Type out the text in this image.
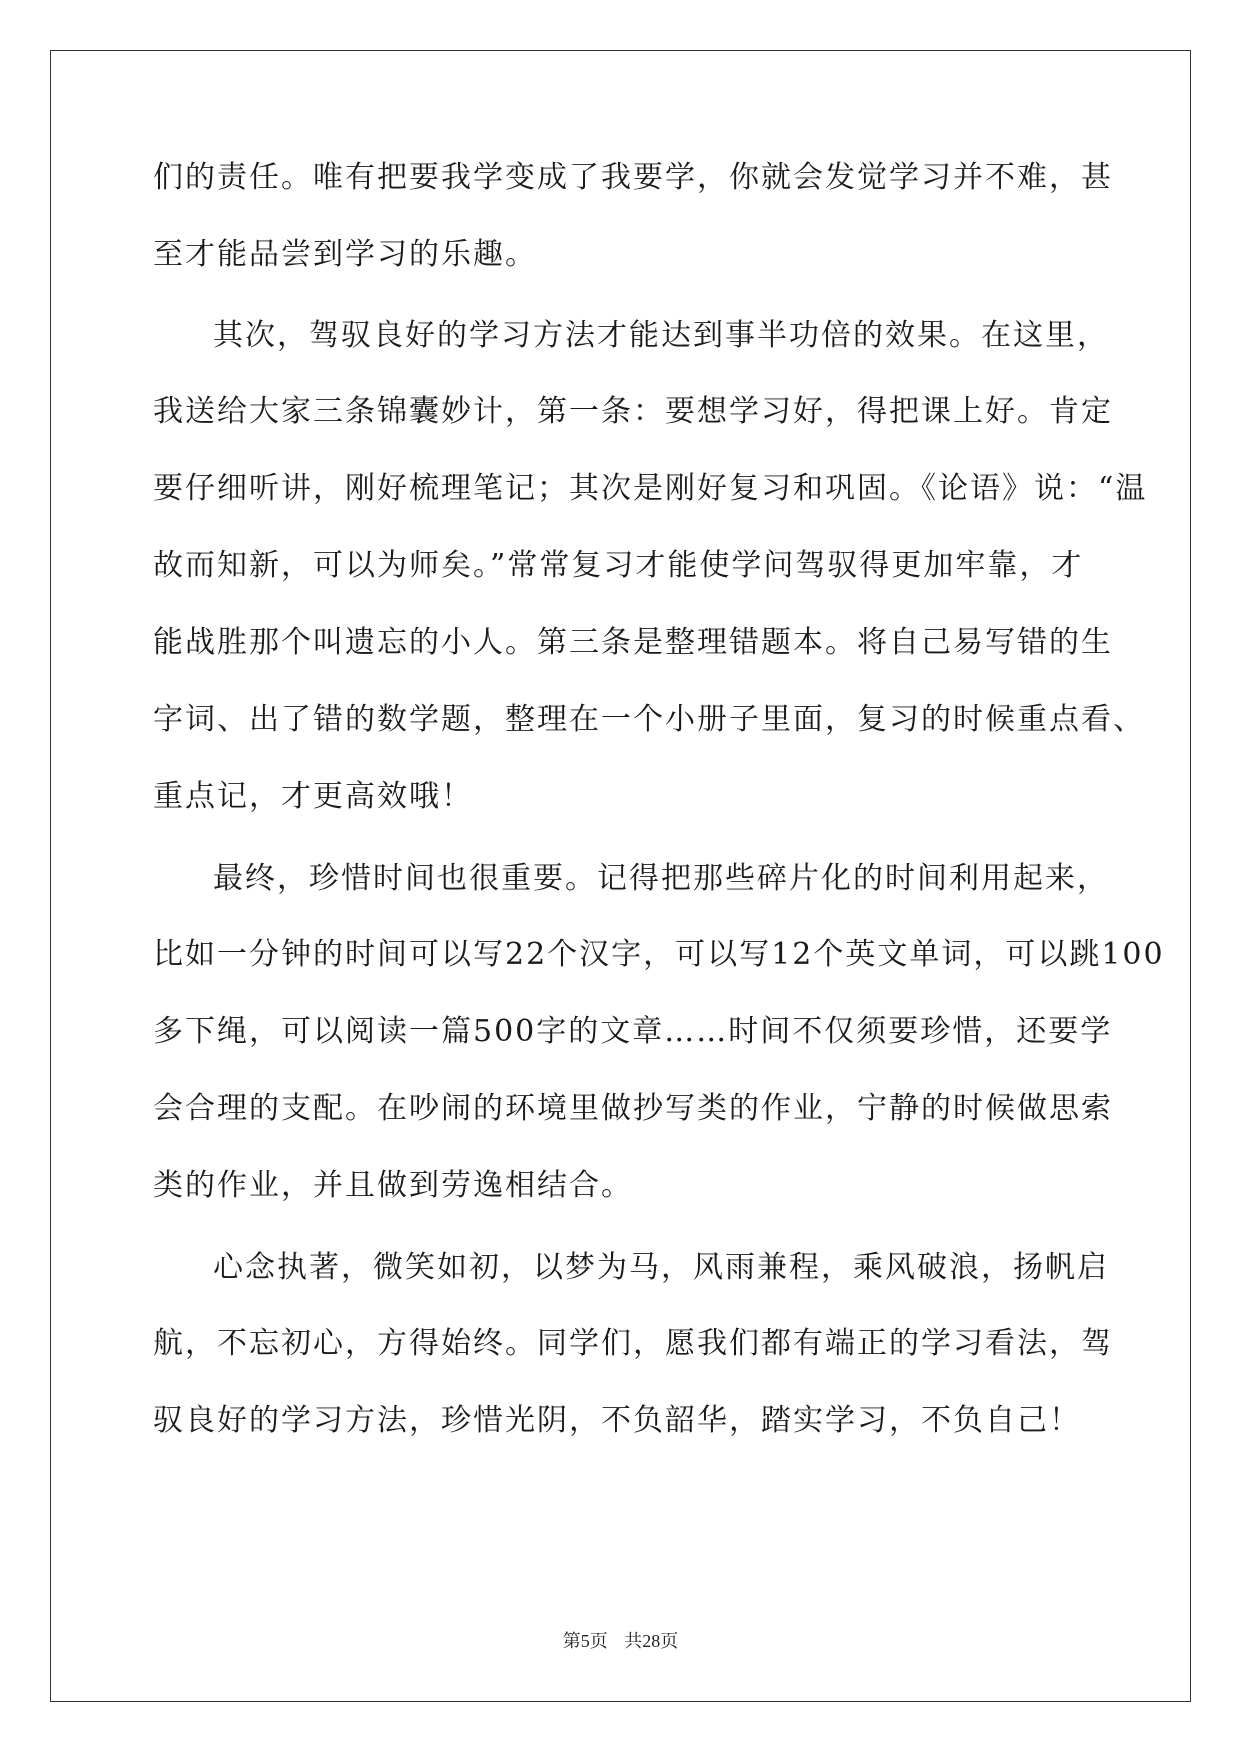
们的责任。唯有把要我学变成了我要学，你就会发觉学习并不难，甚
至才能品尝到学习的乐趣。
其次，驾驭良好的学习方法才能达到事半功倍的效果。在这里，
我送给大家三条锦囊妙计，第一条：要想学习好，得把课上好。肯定
要仔细听讲，刚好梳理笔记；其次是刚好复习和巩固。《论语》说：“温
故而知新，可以为师矣。”常常复习才能使学问驾驭得更加牢靠，才
能战胜那个叫遗忘的小人。第三条是整理错题本。将自己易写错的生
字词、出了错的数学题，整理在一个小册子里面，复习的时候重点看、
重点记，才更高效哦！
最终，珍惜时间也很重要。记得把那些碎片化的时间利用起来，
比如一分钟的时间可以写22个汉字，可以写12个英文单词，可以跳100
多下绳，可以阅读一篇500字的文章……时间不仅须要珍惜，还要学
会合理的支配。在吵闹的环境里做抄写类的作业，宁静的时候做思索
类的作业，并且做到劳逸相结合。
心念执著，微笑如初，以梦为马，风雨兼程，乘风破浪，扬帆启
航，不忘初心，方得始终。同学们，愿我们都有端正的学习看法，驾
驭良好的学习方法，珍惜光阴，不负韶华，踏实学习，不负自己！
第5页 共28页
